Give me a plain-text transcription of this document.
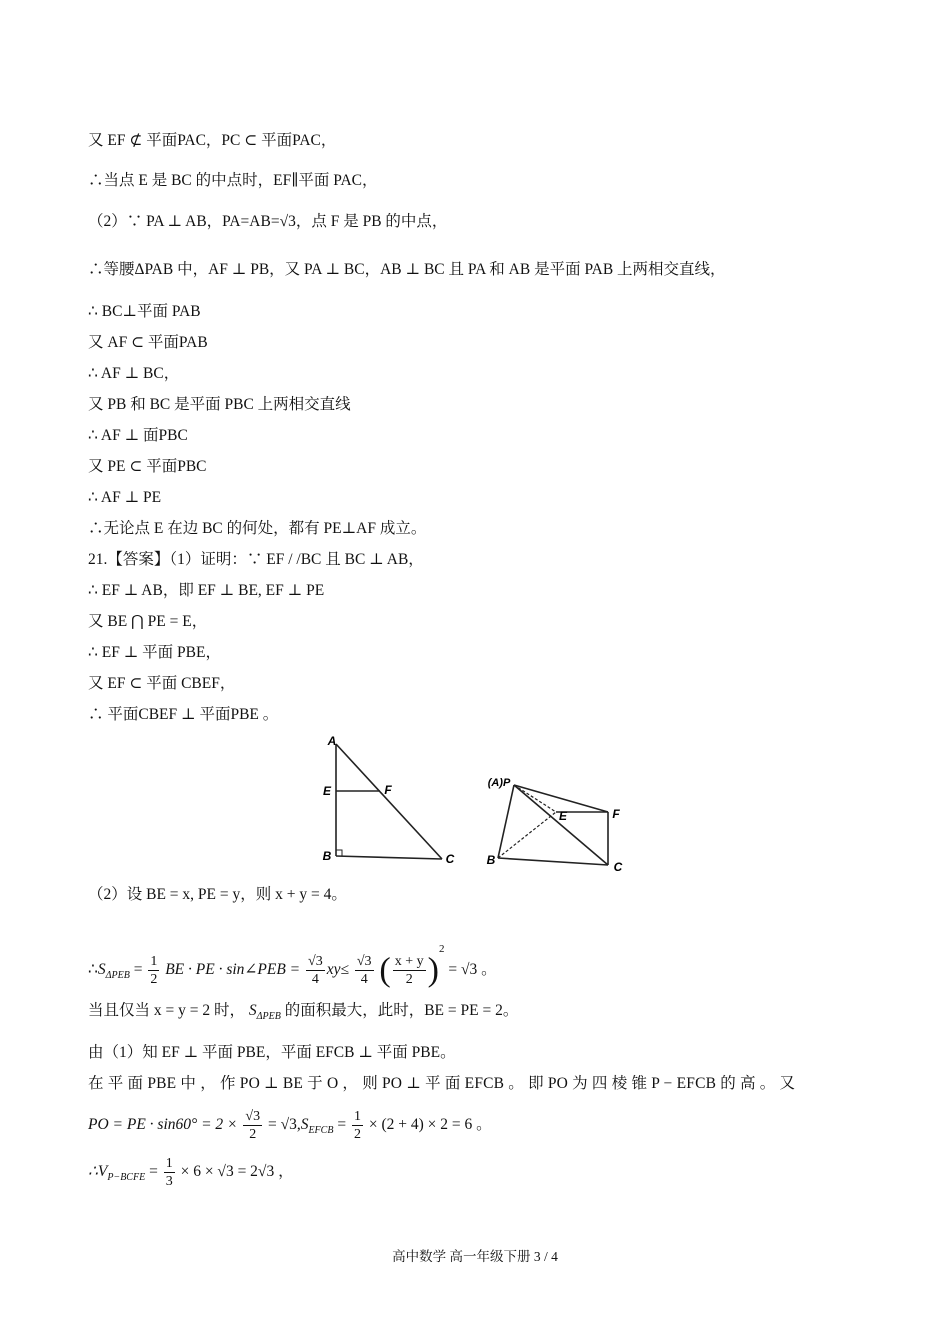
又 EF ⊄ 平面PAC，PC ⊂ 平面PAC，
∴当点 E 是 BC 的中点时，EF∥平面 PAC，
（2）∵ PA ⊥ AB，PA=AB=√3，点 F 是 PB 的中点，
∴等腰ΔPAB 中，AF ⊥ PB，又 PA ⊥ BC，AB ⊥ BC 且 PA 和 AB 是平面 PAB 上两相交直线，
∴ BC⊥平面 PAB
又 AF ⊂ 平面PAB
∴ AF ⊥ BC，
又 PB 和 BC 是平面 PBC 上两相交直线
∴ AF ⊥ 面PBC
又 PE ⊂ 平面PBC
∴ AF ⊥ PE
∴无论点 E 在边 BC 的何处，都有 PE⊥AF 成立。
21.【答案】（1）证明：∵ EF / /BC 且 BC ⊥ AB，
∴ EF ⊥ AB，即 EF ⊥ BE, EF ⊥ PE
又 BE ⋂ PE = E，
∴ EF ⊥ 平面 PBE，
又 EF ⊂ 平面 CBEF，
∴ 平面CBEF ⊥ 平面PBE 。
A
E	F
B	C
(A)P
E	F
B	C
（2）设 BE = x, PE = y，则 x + y = 4。
$\therefore S_{\Delta PEB} = \frac{1}{2}$ BE · PE · sin∠PEB = $\frac{√3}{4} xy\le \frac{√3}{4}$ ( $\frac{x + y}{2} )^2 = √3$ 。
当且仅当 x = y = 2 时， $S_{\Delta PEB}$ 的面积最大，此时，BE = PE = 2。
由（1）知 EF ⊥ 平面 PBE，平面 EFCB ⊥ 平面 PBE。
在 平 面 PBE 中 ， 作 PO ⊥ BE 于 O ， 则 PO ⊥ 平 面 EFCB 。 即 PO 为 四 棱 锥 P − EFCB 的 高 。 又
PO = PE · $\sin 60^\circ = 2 \times \frac{√3}{2} = √3,S_{EFCB} = \frac{1}{2} \times (2 + 4) \times 2 = 6$ 。
$\therefore V_{P-BCFE} = \frac{1}{3} \times 6 \times √3 = 2√3$ ，
高中数学 高一年级下册 3 / 4
